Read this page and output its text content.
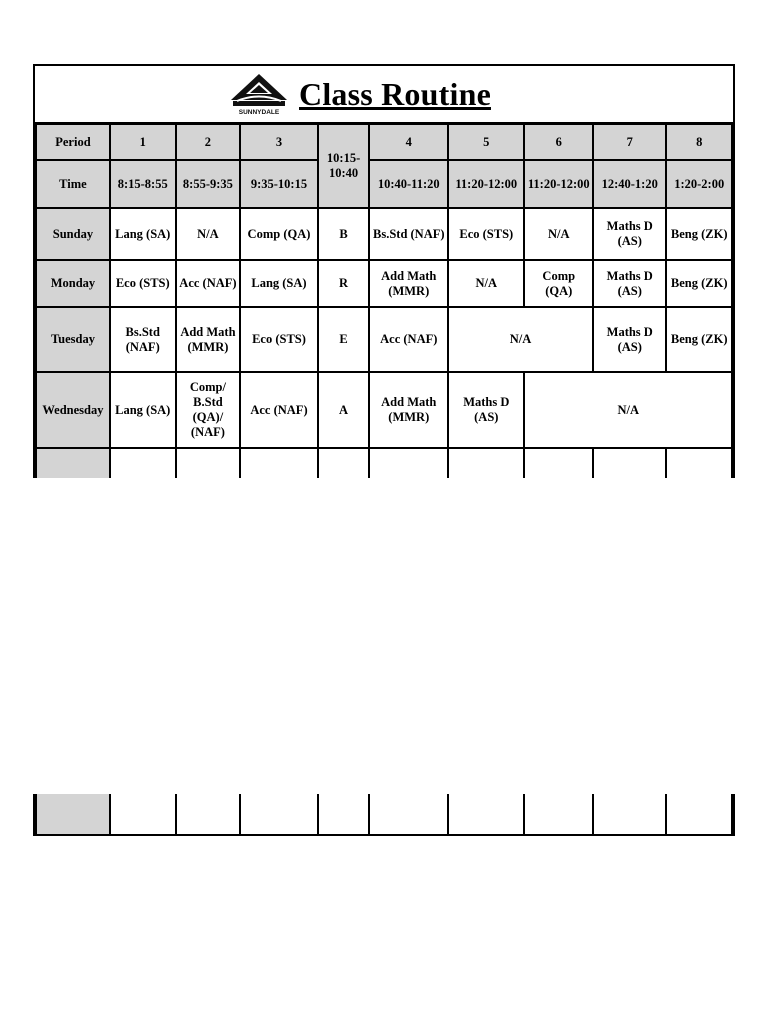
SUNNYDALE
Class Routine
Period	1	2	3	10:15-10:40	4	5	6	7	8
Time	8:15-8:55	8:55-9:35	9:35-10:15		10:40-11:20	11:20-12:00	11:20-12:00	12:40-1:20	1:20-2:00
Sunday	Lang (SA)	N/A	Comp (QA)	B	Bs.Std (NAF)	Eco (STS)	N/A	Maths D (AS)	Beng (ZK)
Monday	Eco (STS)	Acc (NAF)	Lang (SA)	R	Add Math (MMR)	N/A	Comp (QA)	Maths D (AS)	Beng (ZK)
Tuesday	Bs.Std (NAF)	Add Math (MMR)	Eco (STS)	E	Acc (NAF)	N/A		Maths D (AS)	Beng (ZK)
Wednesday	Lang (SA)	Comp/ B.Std (QA)/ (NAF)	Acc (NAF)	A	Add Math (MMR)	Maths D (AS)	N/A		
